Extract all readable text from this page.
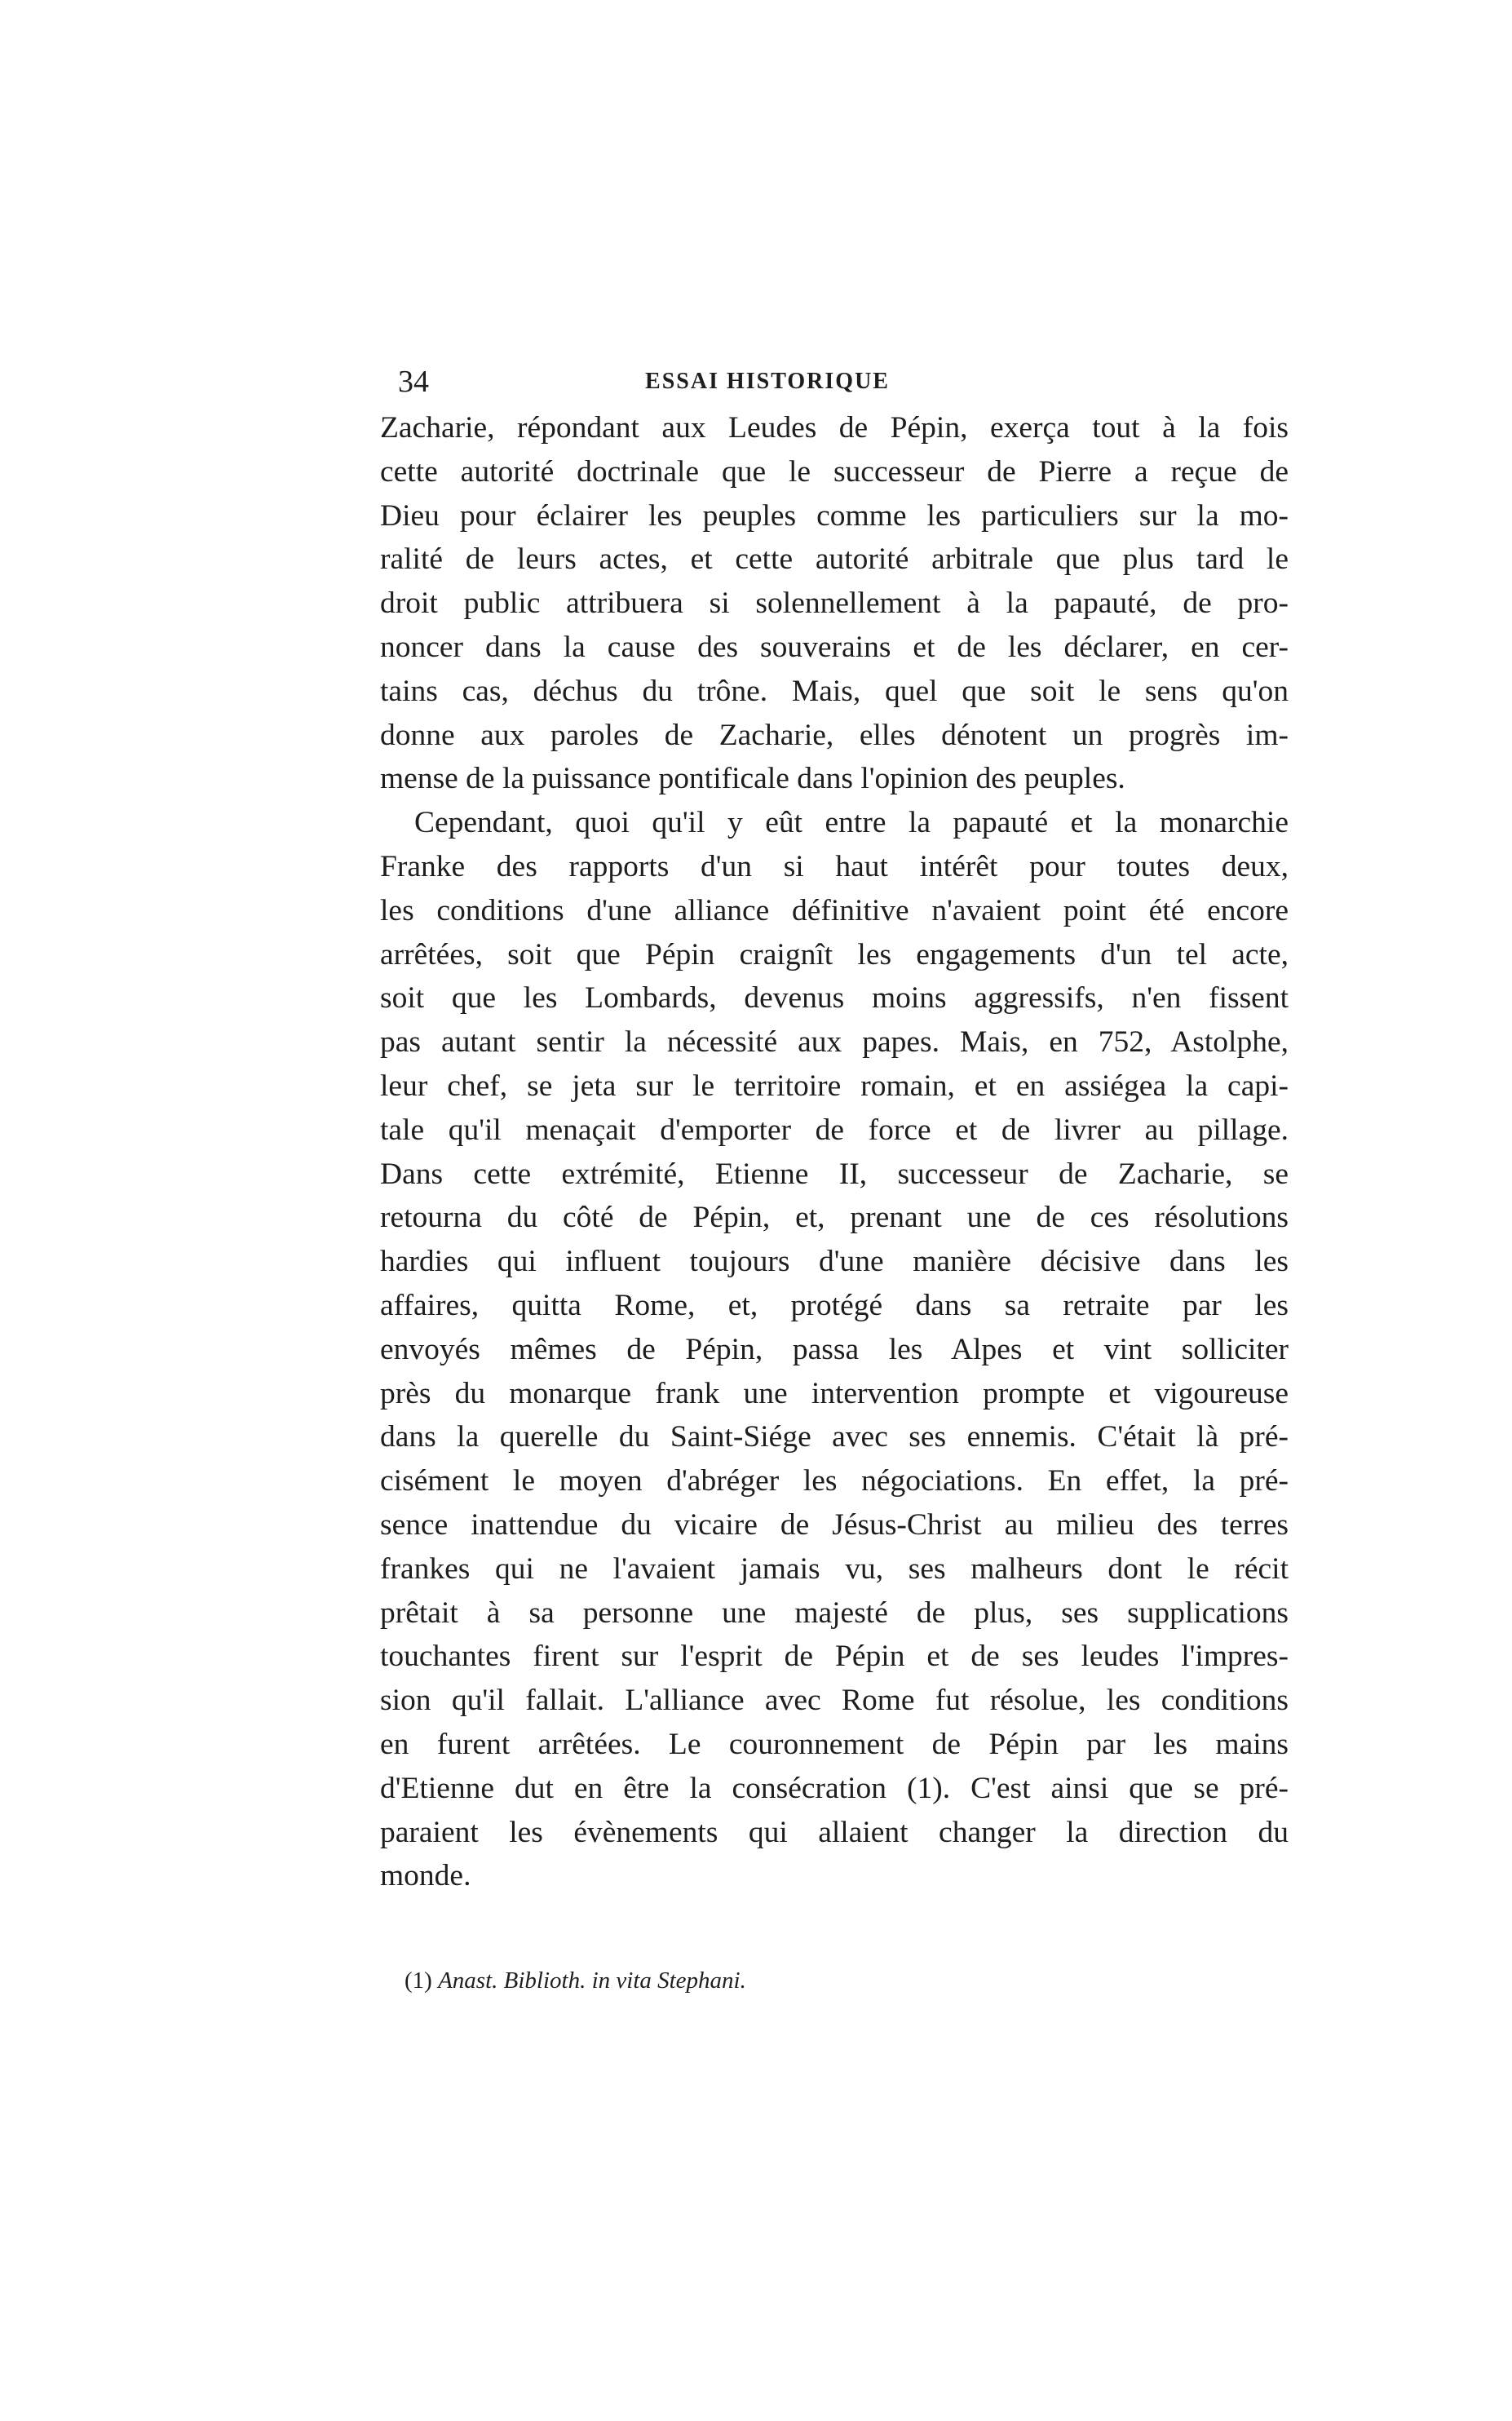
34	ESSAI HISTORIQUE
Zacharie, répondant aux Leudes de Pépin, exerça tout à la fois
cette autorité doctrinale que le successeur de Pierre a reçue de
Dieu pour éclairer les peuples comme les particuliers sur la mo-
ralité de leurs actes, et cette autorité arbitrale que plus tard le
droit public attribuera si solennellement à la papauté, de pro-
noncer dans la cause des souverains et de les déclarer, en cer-
tains cas, déchus du trône. Mais, quel que soit le sens qu'on
donne aux paroles de Zacharie, elles dénotent un progrès im-
mense de la puissance pontificale dans l'opinion des peuples.
Cependant, quoi qu'il y eût entre la papauté et la monarchie
Franke des rapports d'un si haut intérêt pour toutes deux,
les conditions d'une alliance définitive n'avaient point été encore
arrêtées, soit que Pépin craignît les engagements d'un tel acte,
soit que les Lombards, devenus moins aggressifs, n'en fissent
pas autant sentir la nécessité aux papes. Mais, en 752, Astolphe,
leur chef, se jeta sur le territoire romain, et en assiégea la capi-
tale qu'il menaçait d'emporter de force et de livrer au pillage.
Dans cette extrémité, Etienne II, successeur de Zacharie, se
retourna du côté de Pépin, et, prenant une de ces résolutions
hardies qui influent toujours d'une manière décisive dans les
affaires, quitta Rome, et, protégé dans sa retraite par les
envoyés mêmes de Pépin, passa les Alpes et vint solliciter
près du monarque frank une intervention prompte et vigoureuse
dans la querelle du Saint-Siége avec ses ennemis. C'était là pré-
cisément le moyen d'abréger les négociations. En effet, la pré-
sence inattendue du vicaire de Jésus-Christ au milieu des terres
frankes qui ne l'avaient jamais vu, ses malheurs dont le récit
prêtait à sa personne une majesté de plus, ses supplications
touchantes firent sur l'esprit de Pépin et de ses leudes l'impres-
sion qu'il fallait. L'alliance avec Rome fut résolue, les conditions
en furent arrêtées. Le couronnement de Pépin par les mains
d'Etienne dut en être la consécration (1). C'est ainsi que se pré-
paraient les évènements qui allaient changer la direction du
monde.
(1) Anast. Biblioth. in vita Stephani.
